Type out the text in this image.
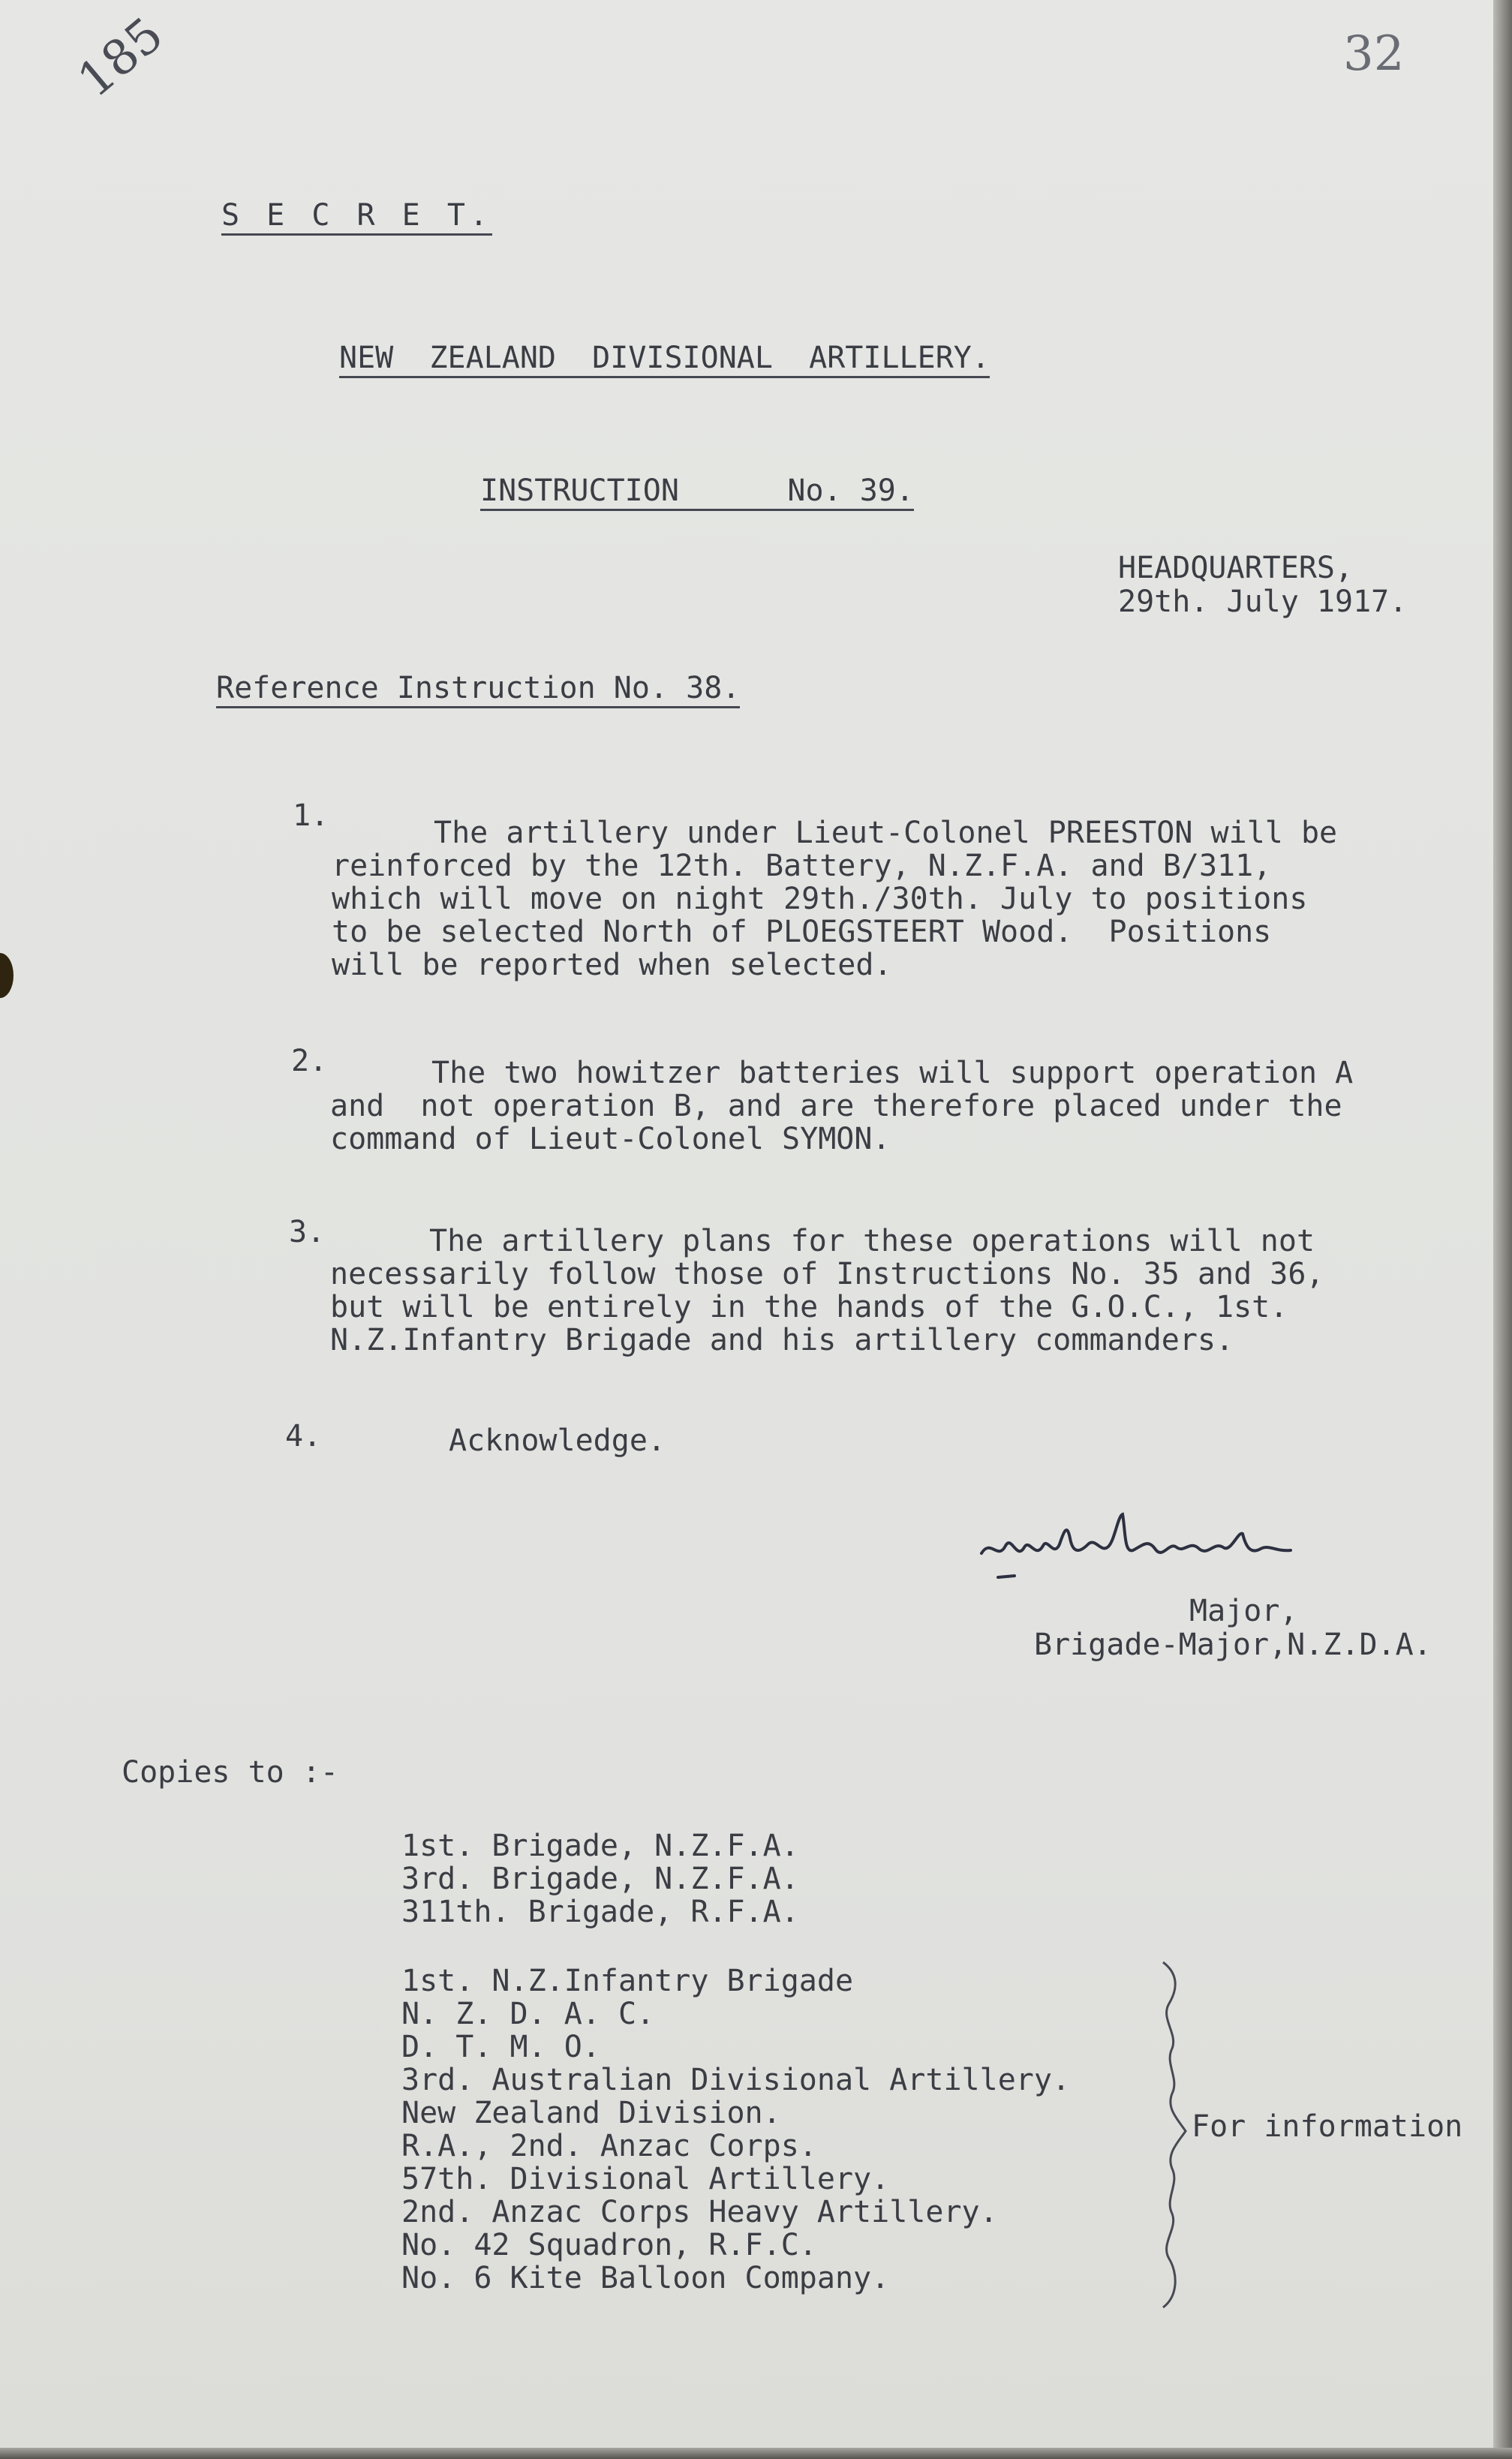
185	32
S E C R E T.
NEW  ZEALAND  DIVISIONAL  ARTILLERY.
INSTRUCTION      No. 39.
HEADQUARTERS,
29th. July 1917.
Reference Instruction No. 38.
1.	The artillery under Lieut-Colonel PREESTON will be
reinforced by the 12th. Battery, N.Z.F.A. and B/311,
which will move on night 29th./30th. July to positions
to be selected North of PLOEGSTEERT Wood.  Positions
will be reported when selected.
2.	The two howitzer batteries will support operation A
and  not operation B, and are therefore placed under the
command of Lieut-Colonel SYMON.
3.	The artillery plans for these operations will not
necessarily follow those of Instructions No. 35 and 36,
but will be entirely in the hands of the G.O.C., 1st.
N.Z.Infantry Brigade and his artillery commanders.
4.	Acknowledge.
Major,
Brigade-Major,N.Z.D.A.
Copies to :-
1st. Brigade, N.Z.F.A.
3rd. Brigade, N.Z.F.A.
311th. Brigade, R.F.A.
1st. N.Z.Infantry Brigade
N. Z. D. A. C.
D. T. M. O.
3rd. Australian Divisional Artillery.
New Zealand Division.
R.A., 2nd. Anzac Corps.
57th. Divisional Artillery.
2nd. Anzac Corps Heavy Artillery.
No. 42 Squadron, R.F.C.
No. 6 Kite Balloon Company.
For information
